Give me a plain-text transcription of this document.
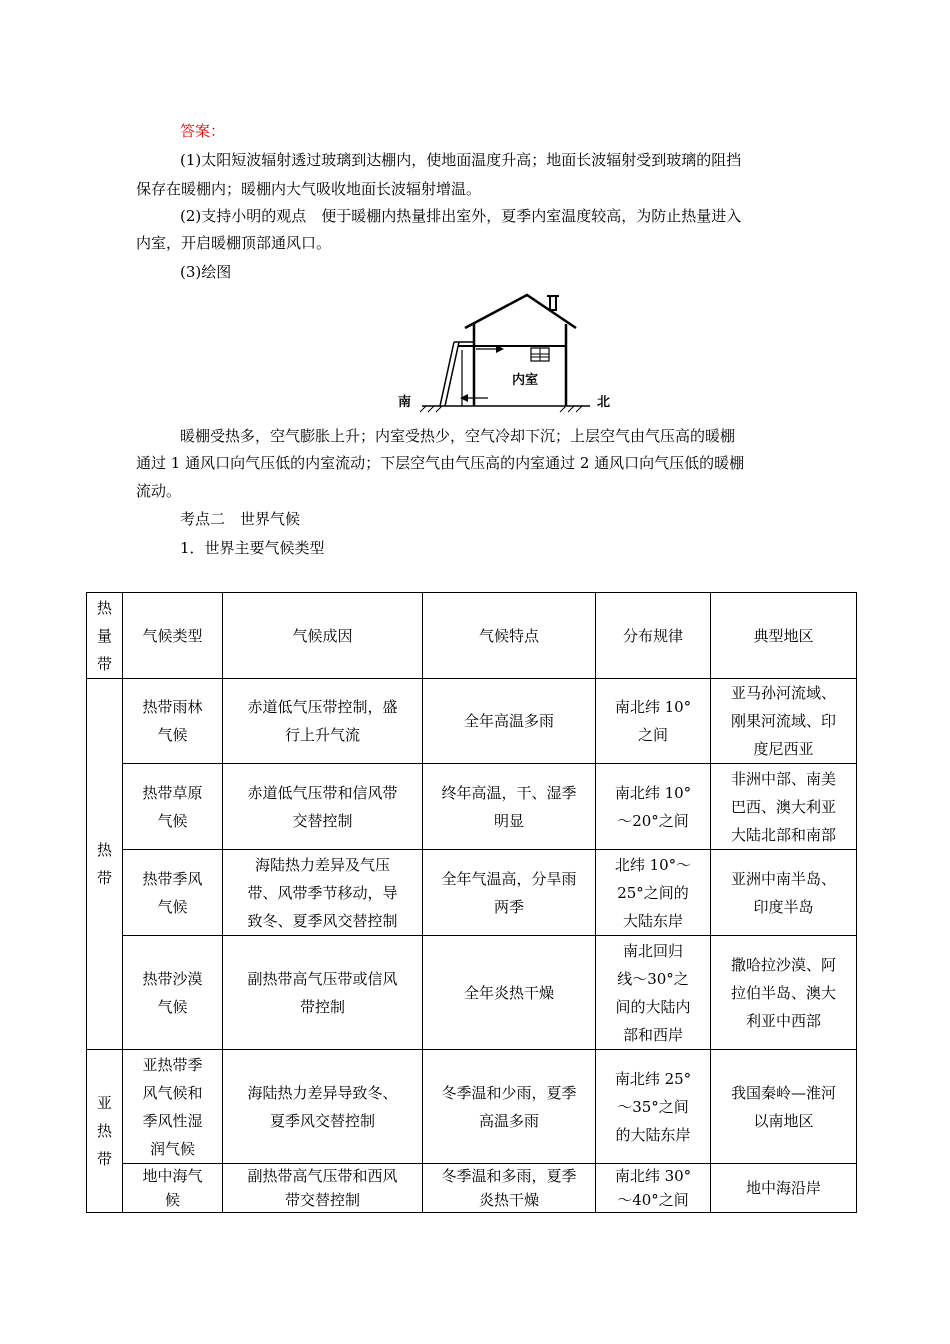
答案：
(1)太阳短波辐射透过玻璃到达棚内，使地面温度升高；地面长波辐射受到玻璃的阻挡
保存在暖棚内；暖棚内大气吸收地面长波辐射增温。
(2)支持小明的观点　便于暖棚内热量排出室外，夏季内室温度较高，为防止热量进入
内室，开启暖棚顶部通风口。
(3)绘图
内室
南	北
暖棚受热多，空气膨胀上升；内室受热少，空气冷却下沉；上层空气由气压高的暖棚
通过 1 通风口向气压低的内室流动；下层空气由气压高的内室通过 2 通风口向气压低的暖棚
流动。
考点二　世界气候
1．世界主要气候类型
热
量
带	气候类型	气候成因	气候特点	分布规律	典型地区
热
带	热带雨林
气候	赤道低气压带控制，盛
行上升气流	全年高温多雨	南北纬 10°
之间	亚马孙河流域、
刚果河流域、印
度尼西亚
	热带草原
气候	赤道低气压带和信风带
交替控制	终年高温，干、湿季
明显	南北纬 10°
～20°之间	非洲中部、南美
巴西、澳大利亚
大陆北部和南部
	热带季风
气候	海陆热力差异及气压
带、风带季节移动，导
致冬、夏季风交替控制	全年气温高，分旱雨
两季	北纬 10°～
25°之间的
大陆东岸	亚洲中南半岛、
印度半岛
	热带沙漠
气候	副热带高气压带或信风
带控制	全年炎热干燥	南北回归
线～30°之
间的大陆内
部和西岸	撒哈拉沙漠、阿
拉伯半岛、澳大
利亚中西部
亚
热
带	亚热带季
风气候和
季风性湿
润气候	海陆热力差异导致冬、
夏季风交替控制	冬季温和少雨，夏季
高温多雨	南北纬 25°
～35°之间
的大陆东岸	我国秦岭—淮河
以南地区
	地中海气
候	副热带高气压带和西风
带交替控制	冬季温和多雨，夏季
炎热干燥	南北纬 30°
～40°之间	地中海沿岸
